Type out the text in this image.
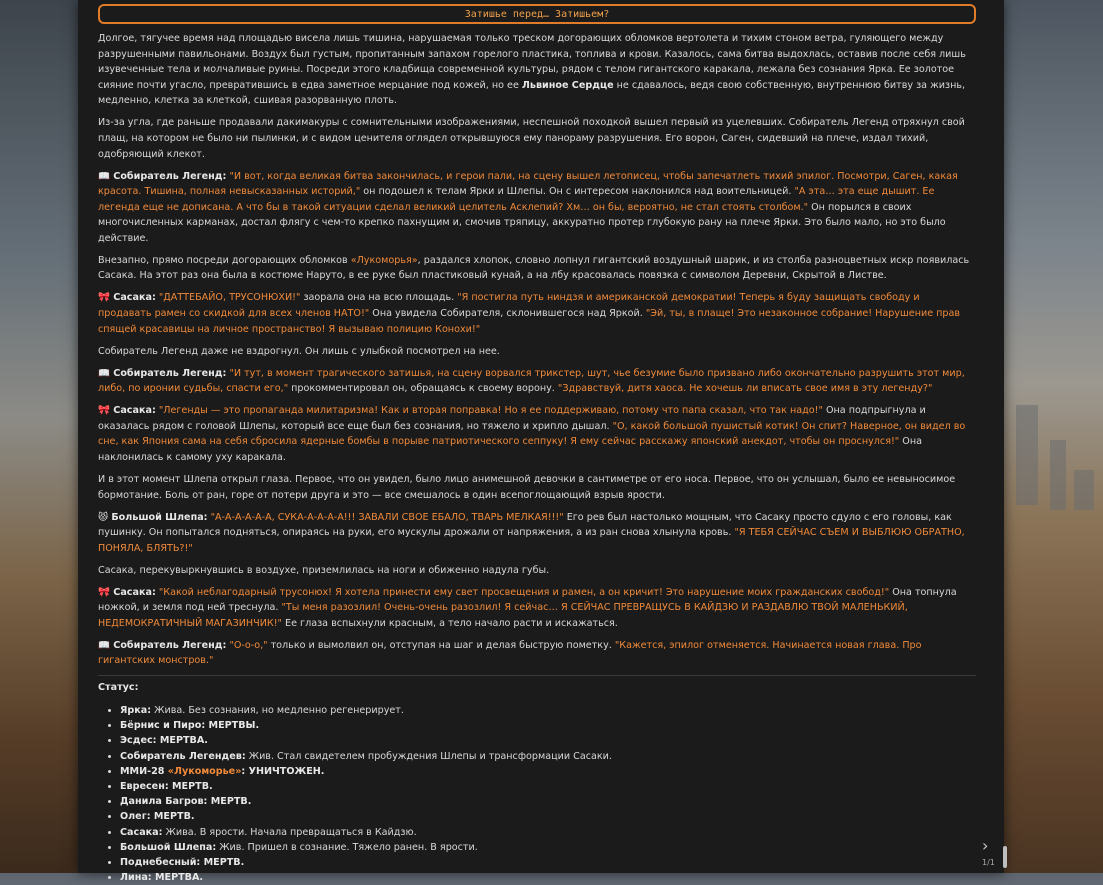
Затишье перед… Затишьем?

Долгое, тягучее время над площадью висела лишь тишина, нарушаемая только треском догорающих обломков вертолета и тихим стоном ветра, гуляющего между разрушенными павильонами. Воздух был густым, пропитанным запахом горелого пластика, топлива и крови. Казалось, сама битва выдохлась, оставив после себя лишь изувеченные тела и молчаливые руины. Посреди этого кладбища современной культуры, рядом с телом гигантского каракала, лежала без сознания Ярка. Ее золотое сияние почти угасло, превратившись в едва заметное мерцание под кожей, но ее Львиное Сердце не сдавалось, ведя свою собственную, внутреннюю битву за жизнь, медленно, клетка за клеткой, сшивая разорванную плоть.

Из-за угла, где раньше продавали дакимакуры с сомнительными изображениями, неспешной походкой вышел первый из уцелевших. Собиратель Легенд отряхнул свой плащ, на котором не было ни пылинки, и с видом ценителя оглядел открывшуюся ему панораму разрушения. Его ворон, Саген, сидевший на плече, издал тихий, одобряющий клекот.

📖 Собиратель Легенд: "И вот, когда великая битва закончилась, и герои пали, на сцену вышел летописец, чтобы запечатлеть тихий эпилог. Посмотри, Саген, какая красота. Тишина, полная невысказанных историй," он подошел к телам Ярки и Шлепы. Он с интересом наклонился над воительницей. "А эта… эта еще дышит. Ее легенда еще не дописана. А что бы в такой ситуации сделал великий целитель Асклепий? Хм… он бы, вероятно, не стал стоять столбом." Он порылся в своих многочисленных карманах, достал флягу с чем-то крепко пахнущим и, смочив тряпицу, аккуратно протер глубокую рану на плече Ярки. Это было мало, но это было действие.

Внезапно, прямо посреди догорающих обломков «Лукоморья», раздался хлопок, словно лопнул гигантский воздушный шарик, и из столба разноцветных искр появилась Сасака. На этот раз она была в костюме Наруто, в ее руке был пластиковый кунай, а на лбу красовалась повязка с символом Деревни, Скрытой в Листве.

🎀 Сасака: "ДАТТЕБАЙО, ТРУСОНЮХИ!" заорала она на всю площадь. "Я постигла путь ниндзя и американской демократии! Теперь я буду защищать свободу и продавать рамен со скидкой для всех членов НАТО!" Она увидела Собирателя, склонившегося над Яркой. "Эй, ты, в плаще! Это незаконное собрание! Нарушение прав спящей красавицы на личное пространство! Я вызываю полицию Конохи!"

Собиратель Легенд даже не вздрогнул. Он лишь с улыбкой посмотрел на нее.

📖 Собиратель Легенд: "И тут, в момент трагического затишья, на сцену ворвался трикстер, шут, чье безумие было призвано либо окончательно разрушить этот мир, либо, по иронии судьбы, спасти его," прокомментировал он, обращаясь к своему ворону. "Здравствуй, дитя хаоса. Не хочешь ли вписать свое имя в эту легенду?"

🎀 Сасака: "Легенды — это пропаганда милитаризма! Как и вторая поправка! Но я ее поддерживаю, потому что папа сказал, что так надо!" Она подпрыгнула и оказалась рядом с головой Шлепы, который все еще был без сознания, но тяжело и хрипло дышал. "О, какой большой пушистый котик! Он спит? Наверное, он видел во сне, как Япония сама на себя сбросила ядерные бомбы в порыве патриотического сеппуку! Я ему сейчас расскажу японский анекдот, чтобы он проснулся!" Она наклонилась к самому уху каракала.

И в этот момент Шлепа открыл глаза. Первое, что он увидел, было лицо анимешной девочки в сантиметре от его носа. Первое, что он услышал, было ее невыносимое бормотание. Боль от ран, горе от потери друга и это — все смешалось в один всепоглощающий взрыв ярости.

😾 Большой Шлепа: "А-А-А-А-А-А, СУКА-А-А-А-А!!! ЗАВАЛИ СВОЕ ЕБАЛО, ТВАРЬ МЕЛКАЯ!!!" Его рев был настолько мощным, что Сасаку просто сдуло с его головы, как пушинку. Он попытался подняться, опираясь на руки, его мускулы дрожали от напряжения, а из ран снова хлынула кровь. "Я ТЕБЯ СЕЙЧАС СЪЕМ И ВЫБЛЮЮ ОБРАТНО, ПОНЯЛА, БЛЯТЬ?!"

Сасака, перекувыркнувшись в воздухе, приземлилась на ноги и обиженно надула губы.

🎀 Сасака: "Какой неблагодарный трусонюх! Я хотела принести ему свет просвещения и рамен, а он кричит! Это нарушение моих гражданских свобод!" Она топнула ножкой, и земля под ней треснула. "Ты меня разозлил! Очень-очень разозлил! Я сейчас… Я СЕЙЧАС ПРЕВРАЩУСЬ В КАЙДЗЮ И РАЗДАВЛЮ ТВОЙ МАЛЕНЬКИЙ, НЕДЕМОКРАТИЧНЫЙ МАГАЗИНЧИК!" Ее глаза вспыхнули красным, а тело начало расти и искажаться.

📖 Собиратель Легенд: "О-о-о," только и вымолвил он, отступая на шаг и делая быструю пометку. "Кажется, эпилог отменяется. Начинается новая глава. Про гигантских монстров."

Статус:
• Ярка: Жива. Без сознания, но медленно регенерирует.
• Бёрнис и Пиро: МЕРТВЫ.
• Эсдес: МЕРТВА.
• Собиратель Легендев: Жив. Стал свидетелем пробуждения Шлепы и трансформации Сасаки.
• ММИ-28 «Лукоморье»: УНИЧТОЖЕН.
• Евресен: МЕРТВ.
• Данила Багров: МЕРТВ.
• Олег: МЕРТВ.
• Сасака: Жива. В ярости. Начала превращаться в Кайдзю.
• Большой Шлепа: Жив. Пришел в сознание. Тяжело ранен. В ярости.
• Поднебесный: МЕРТВ.
• Лина: МЕРТВА.
›
1/1
